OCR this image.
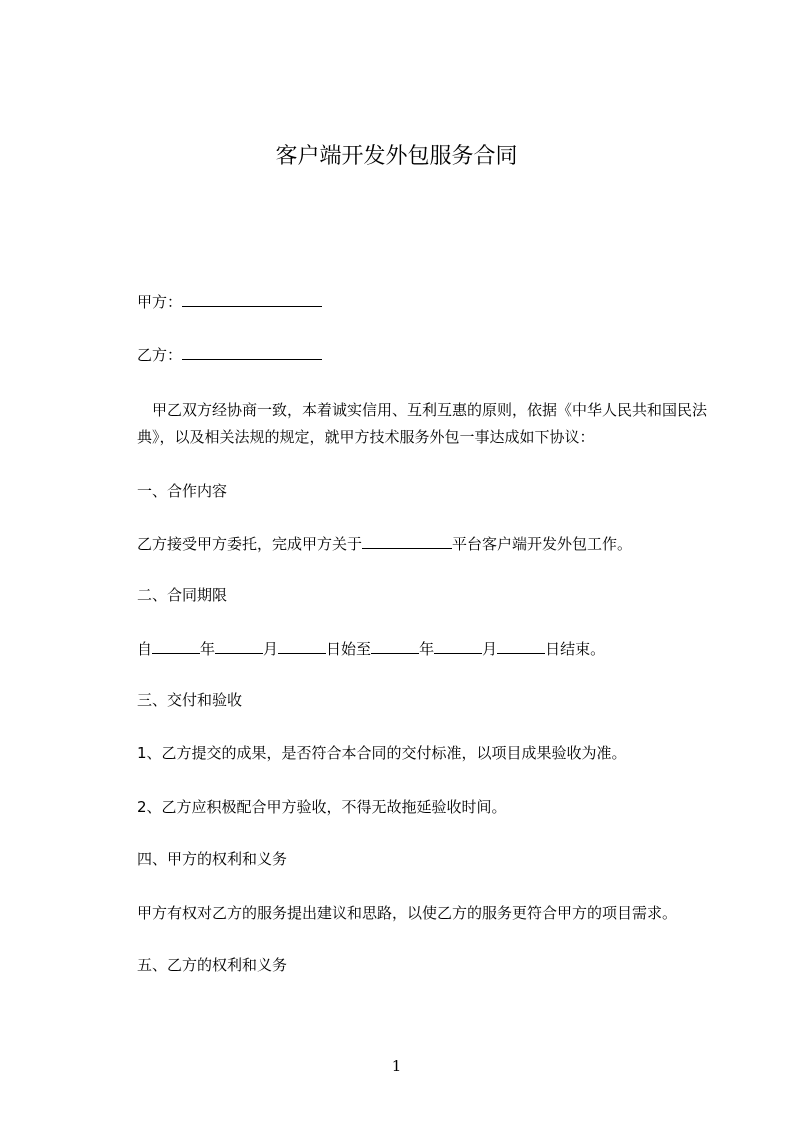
客户端开发外包服务合同
甲方：
乙方：

　甲乙双方经协商一致，本着诚实信用、互利互惠的原则，依据《中华人民共和国民法典》，以及相关法规的规定，就甲方技术服务外包一事达成如下协议：

一、合作内容
乙方接受甲方委托，完成甲方关于	平台客户端开发外包工作。
二、合同期限
自	年	月	日始至	年	月	日结束。
三、交付和验收
1、乙方提交的成果，是否符合本合同的交付标准，以项目成果验收为准。
2、乙方应积极配合甲方验收，不得无故拖延验收时间。
四、甲方的权利和义务
甲方有权对乙方的服务提出建议和思路，以使乙方的服务更符合甲方的项目需求。
五、乙方的权利和义务
1
